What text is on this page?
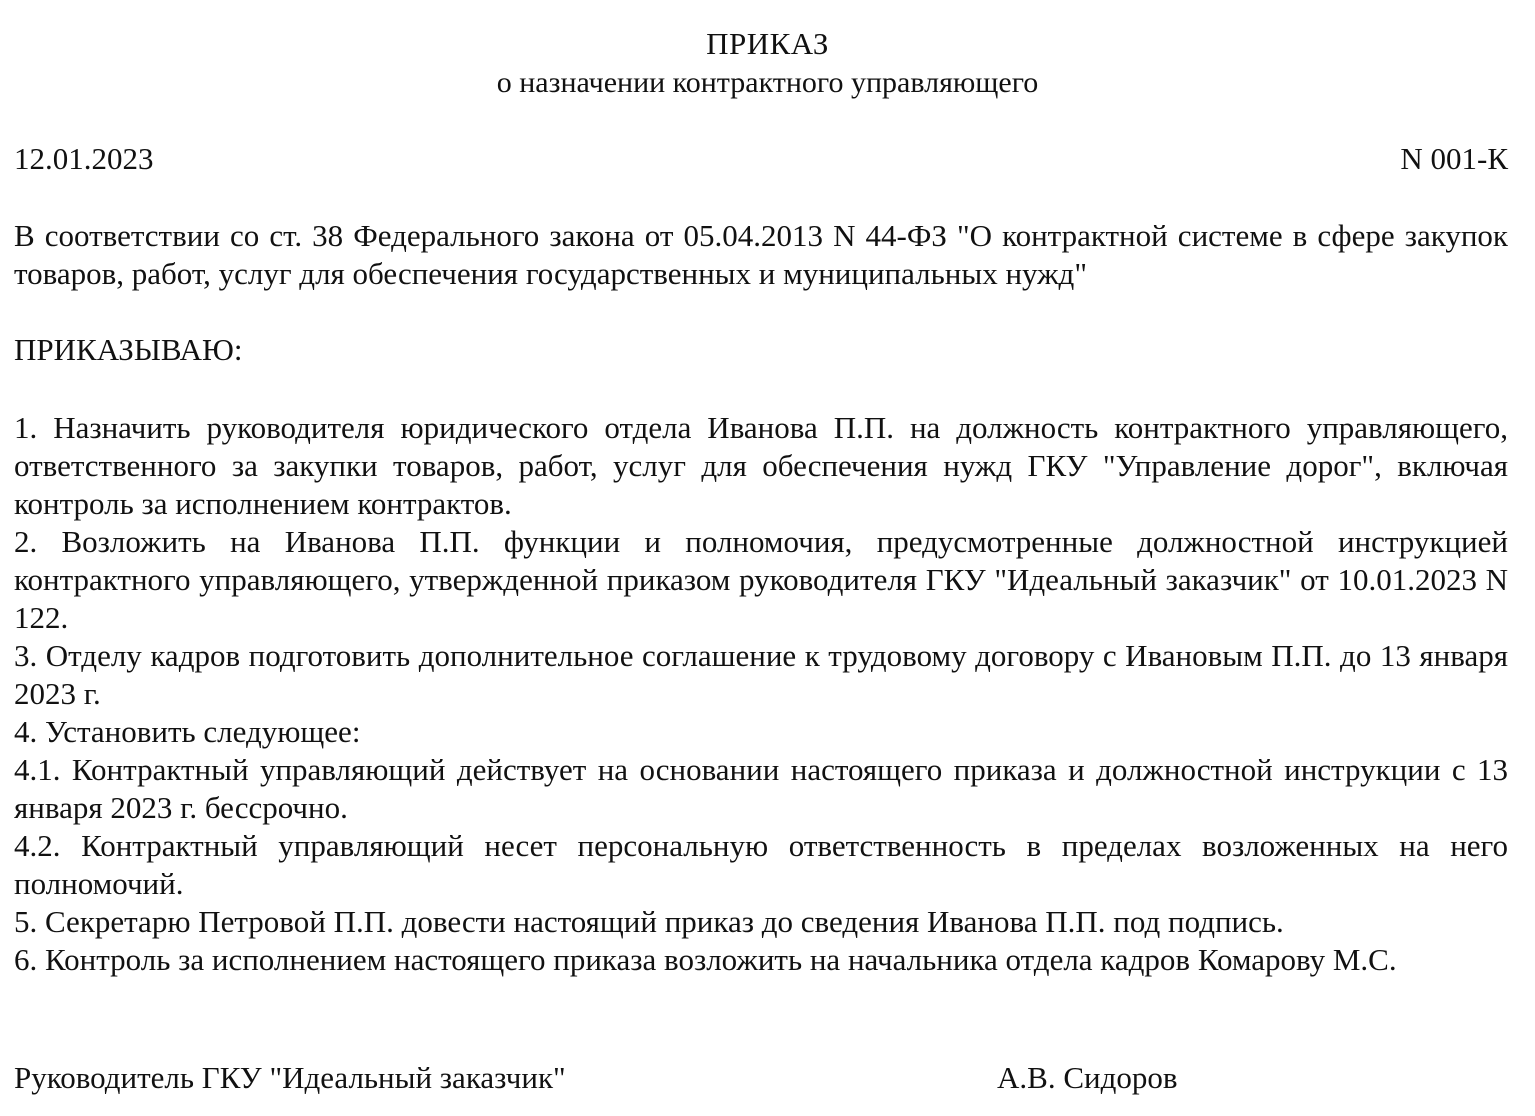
ПРИКАЗ
о назначении контрактного управляющего
12.01.2023	N 001-К

В соответствии со ст. 38 Федерального закона от 05.04.2013 N 44-ФЗ "О контрактной системе в сфере закупок товаров, работ, услуг для обеспечения государственных и муниципальных нужд"

ПРИКАЗЫВАЮ:

1. Назначить руководителя юридического отдела Иванова П.П. на должность контрактного управляющего, ответственного за закупки товаров, работ, услуг для обеспечения нужд ГКУ "Управление дорог", включая контроль за исполнением контрактов.

2. Возложить на Иванова П.П. функции и полномочия, предусмотренные должностной инструкцией контрактного управляющего, утвержденной приказом руководителя ГКУ "Идеальный заказчик" от 10.01.2023 N 122.

3. Отделу кадров подготовить дополнительное соглашение к трудовому договору с Ивановым П.П. до 13 января 2023 г.

4. Установить следующее:

4.1. Контрактный управляющий действует на основании настоящего приказа и должностной инструкции с 13 января 2023 г. бессрочно.

4.2. Контрактный управляющий несет персональную ответственность в пределах возложенных на него полномочий.

5. Секретарю Петровой П.П. довести настоящий приказ до сведения Иванова П.П. под подпись.

6. Контроль за исполнением настоящего приказа возложить на начальника отдела кадров Комарову М.С.

Руководитель ГКУ "Идеальный заказчик"	А.В. Сидоров
